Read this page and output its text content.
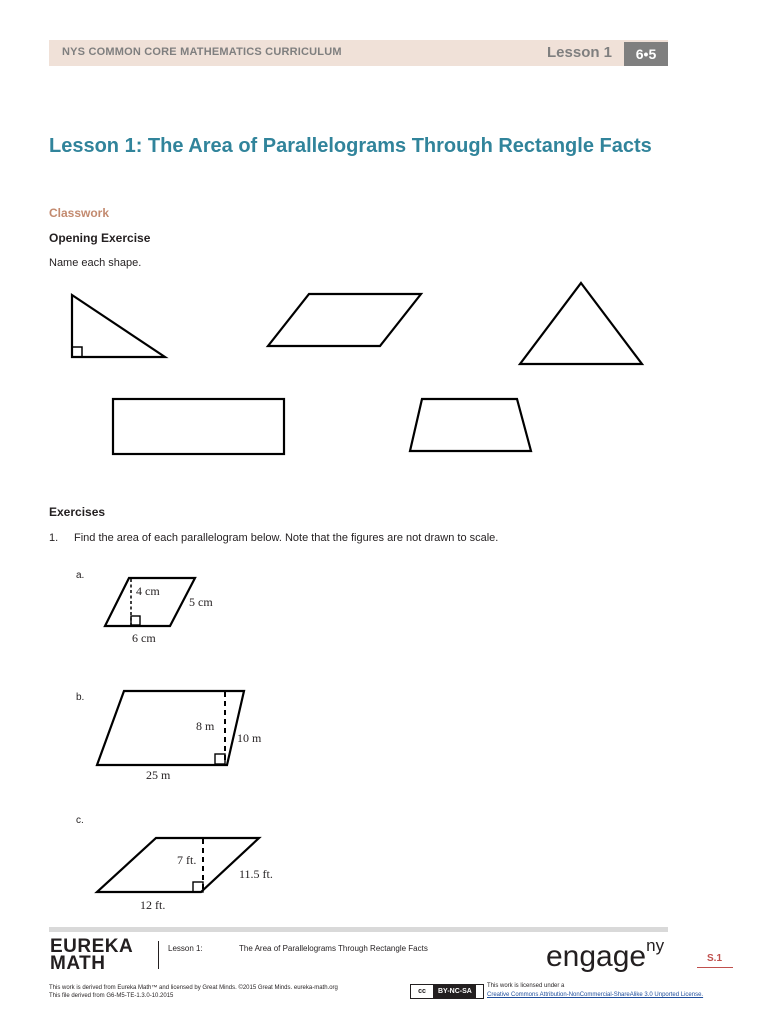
NYS COMMON CORE MATHEMATICS CURRICULUM	Lesson 1	6•5
Lesson 1: The Area of Parallelograms Through Rectangle Facts
Classwork
Opening Exercise
Name each shape.
Exercises
1. Find the area of each parallelogram below. Note that the figures are not drawn to scale.
a.
4 cm
5 cm
6 cm
b.
8 m
10 m
25 m
c.
7 ft.
11.5 ft.
12 ft.
EUREKA
MATH
Lesson 1:	The Area of Parallelograms Through Rectangle Facts	engage$^{ny}$
S.1
This work is derived from Eureka Math™ and licensed by Great Minds. ©2015 Great Minds. eureka-math.org
This file derived from G6-M5-TE-1.3.0-10.2015
cc BY-NC-SA
This work is licensed under a
Creative Commons Attribution-NonCommercial-ShareAlike 3.0 Unported License.
